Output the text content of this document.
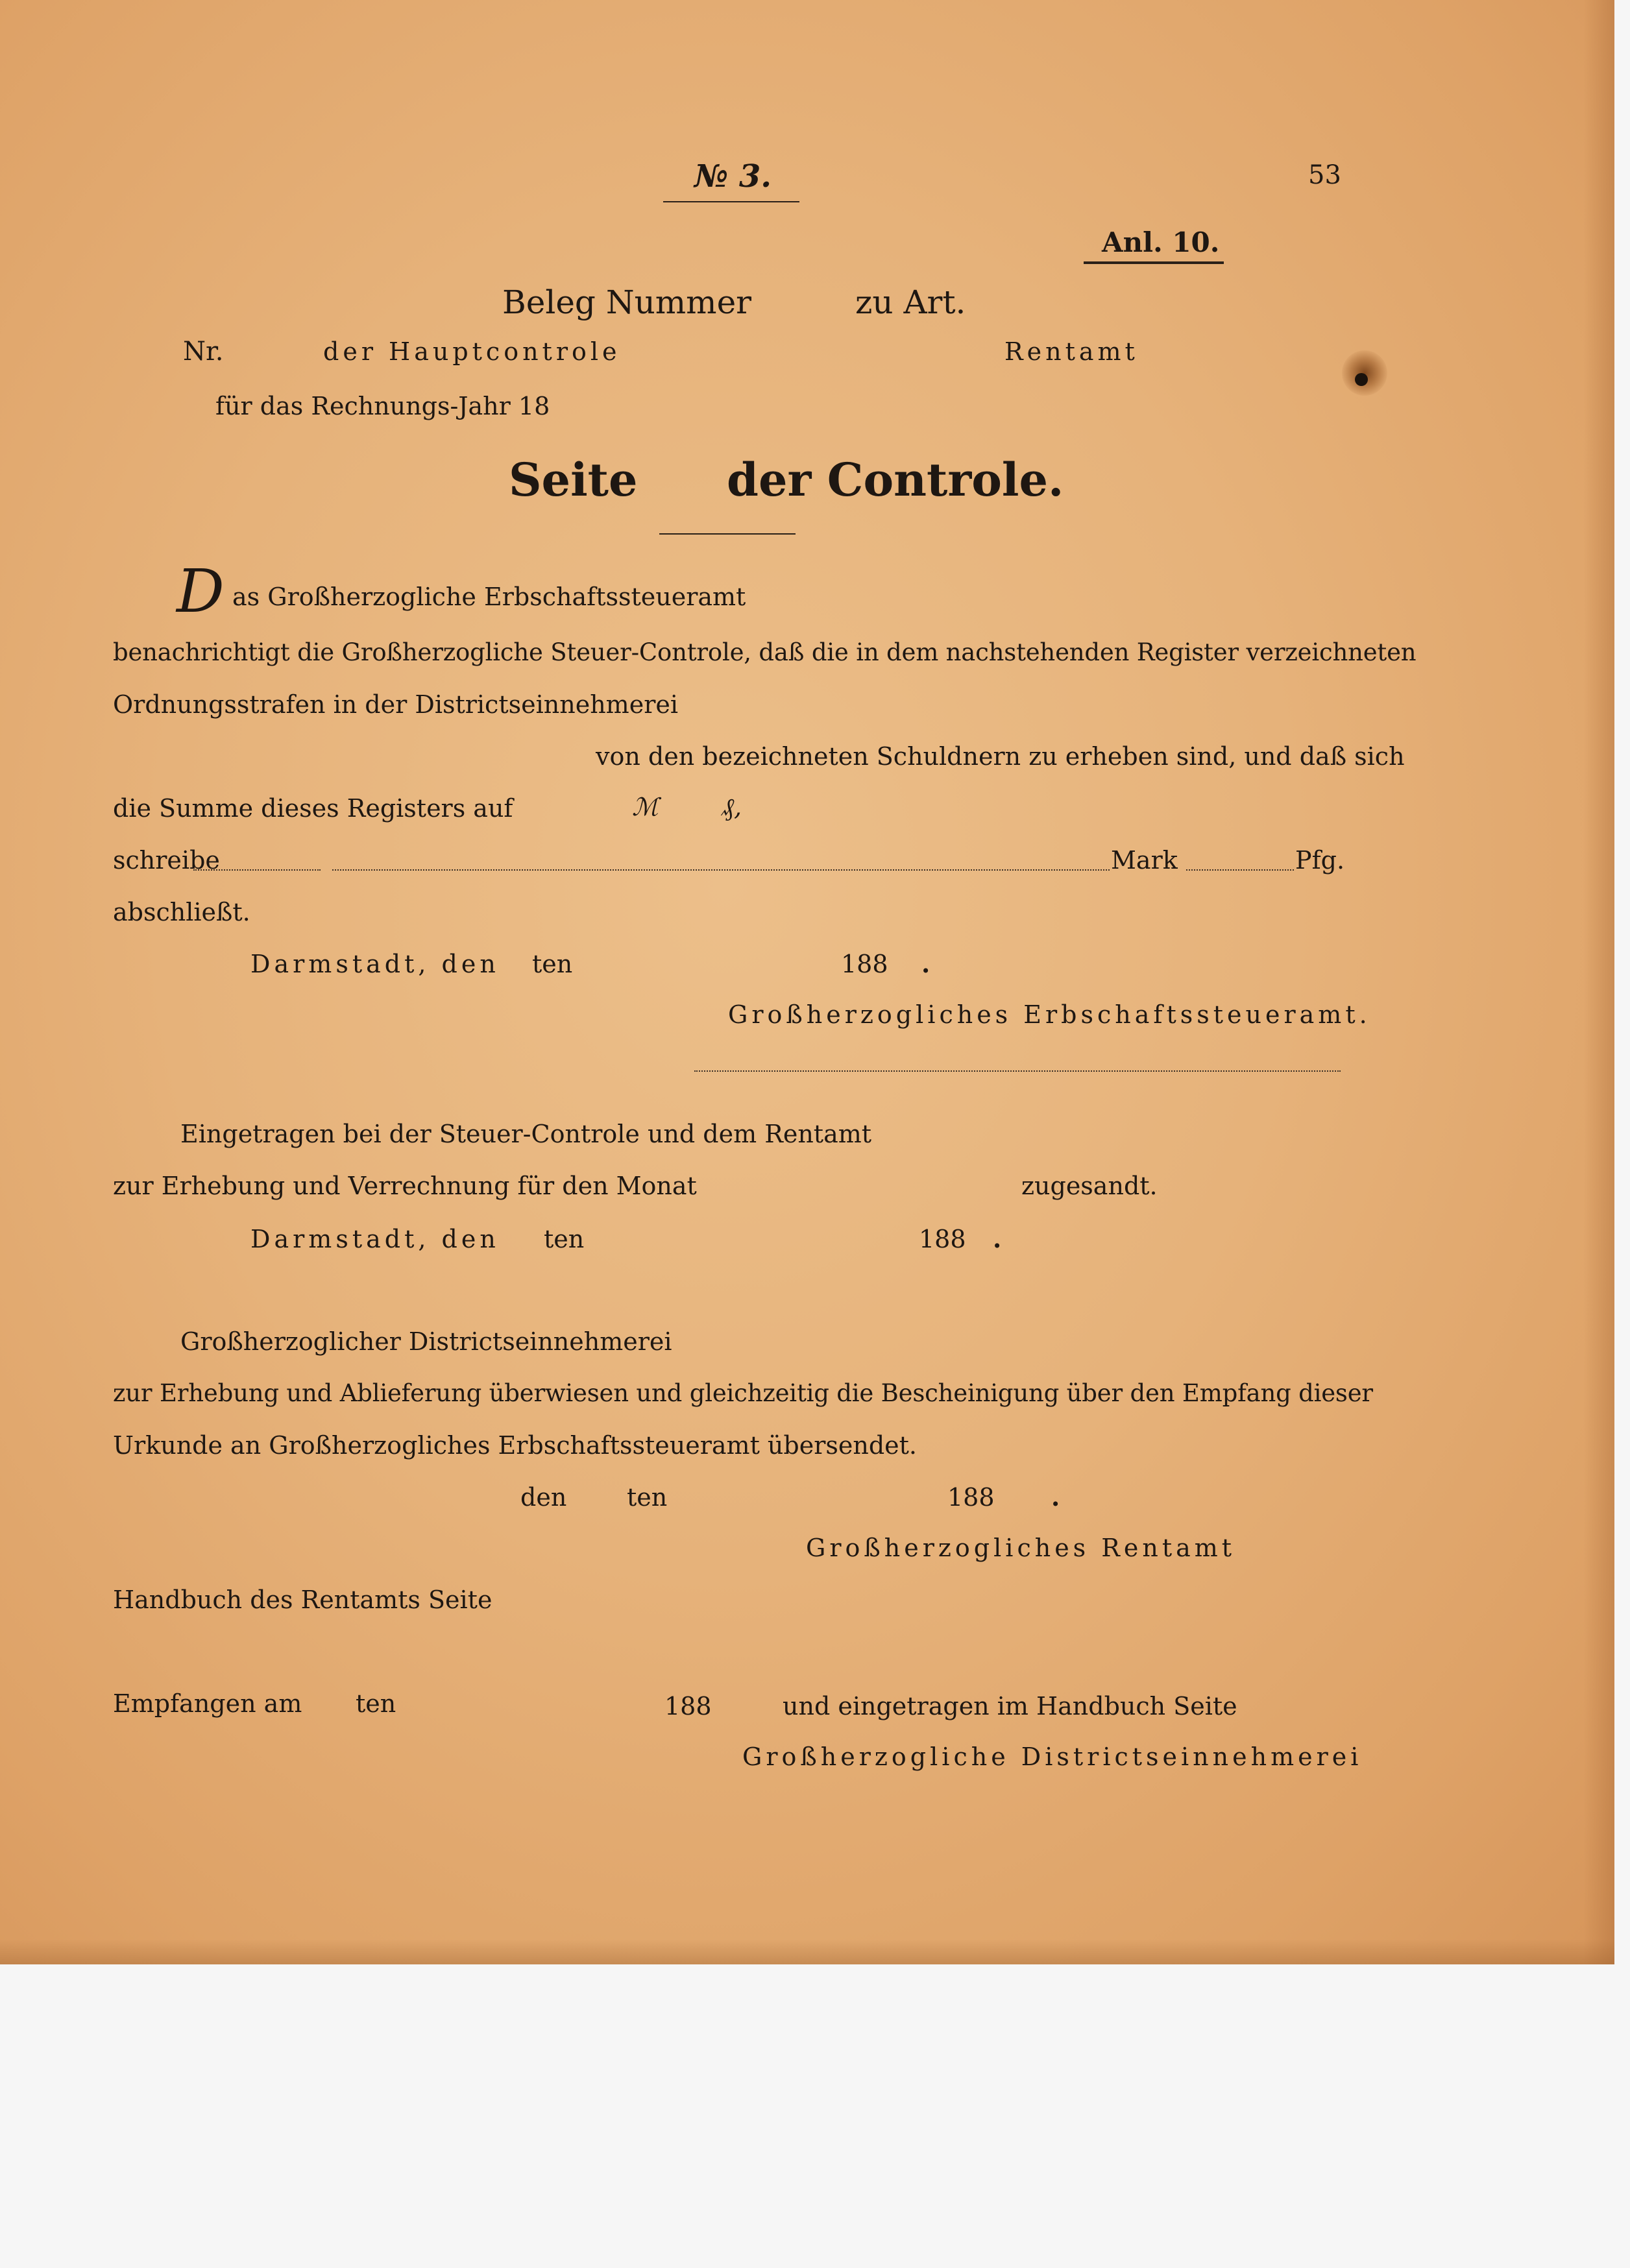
№ 3.	53
Anl. 10.
Beleg Nummer	zu Art.
Nr.	der Hauptcontrole	Rentamt
für das Rechnungs-Jahr 18
Seite der Controle.
D as Großherzogliche Erbschaftssteueramt
benachrichtigt die Großherzogliche Steuer-Controle, daß die in dem nachstehenden Register verzeichneten
Ordnungsstrafen in der Districtseinnehmerei
von den bezeichneten Schuldnern zu erheben sind, und daß sich
die Summe dieses Registers auf	ℳ	₰,
schreibe	Mark	Pfg.
abschließt.
Darmstadt, den ten	188 .
Großherzogliches Erbschaftssteueramt.
Eingetragen bei der Steuer-Controle und dem Rentamt
zur Erhebung und Verrechnung für den Monat	zugesandt.
Darmstadt, den ten	188 .
Großherzoglicher Districtseinnehmerei
zur Erhebung und Ablieferung überwiesen und gleichzeitig die Bescheinigung über den Empfang dieser
Urkunde an Großherzogliches Erbschaftssteueramt übersendet.
den ten	188 .
Großherzogliches Rentamt
Handbuch des Rentamts Seite
Empfangen am ten	188	und eingetragen im Handbuch Seite
Großherzogliche Districtseinnehmerei
